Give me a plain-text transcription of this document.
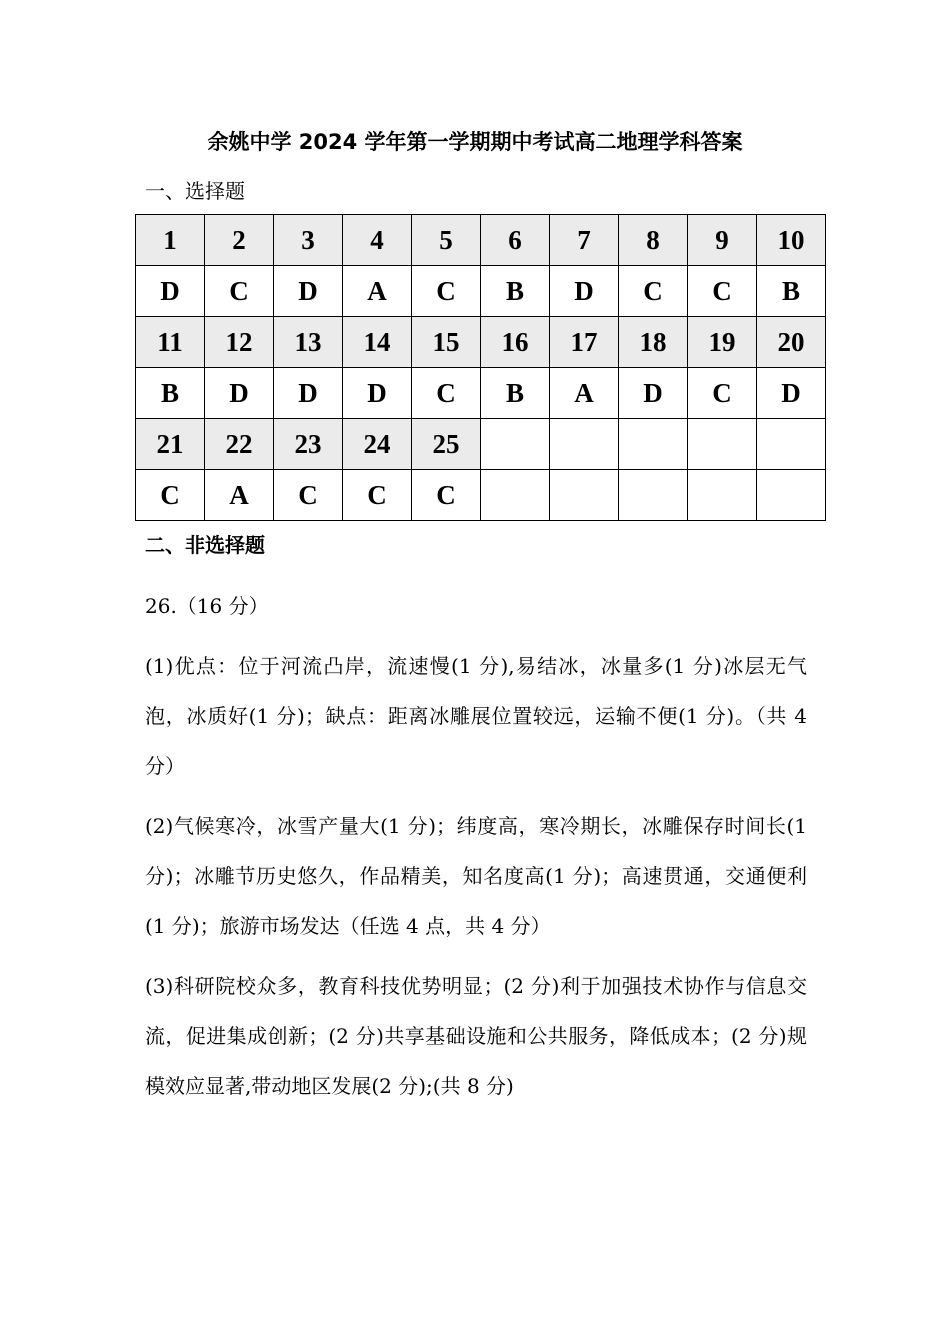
余姚中学 2024 学年第一学期期中考试高二地理学科答案
一、选择题
1	2	3	4	5	6	7	8	9	10
D	C	D	A	C	B	D	C	C	B
11	12	13	14	15	16	17	18	19	20
B	D	D	D	C	B	A	D	C	D
21	22	23	24	25					
C	A	C	C	C					
二、非选择题
26.（16 分）

(1)优点：位于河流凸岸，流速慢(1 分),易结冰，冰量多(1 分)冰层无气泡，冰质好(1 分)；缺点：距离冰雕展位置较远，运输不便(1 分)。（共 4 分）

(2)气候寒冷，冰雪产量大(1 分)；纬度高，寒冷期长，冰雕保存时间长(1 分)；冰雕节历史悠久，作品精美，知名度高(1 分)；高速贯通，交通便利(1 分)；旅游市场发达（任选 4 点，共 4 分）

(3)科研院校众多，教育科技优势明显；(2 分)利于加强技术协作与信息交流，促进集成创新；(2 分)共享基础设施和公共服务，降低成本；(2 分)规模效应显著,带动地区发展(2 分);(共 8 分)
